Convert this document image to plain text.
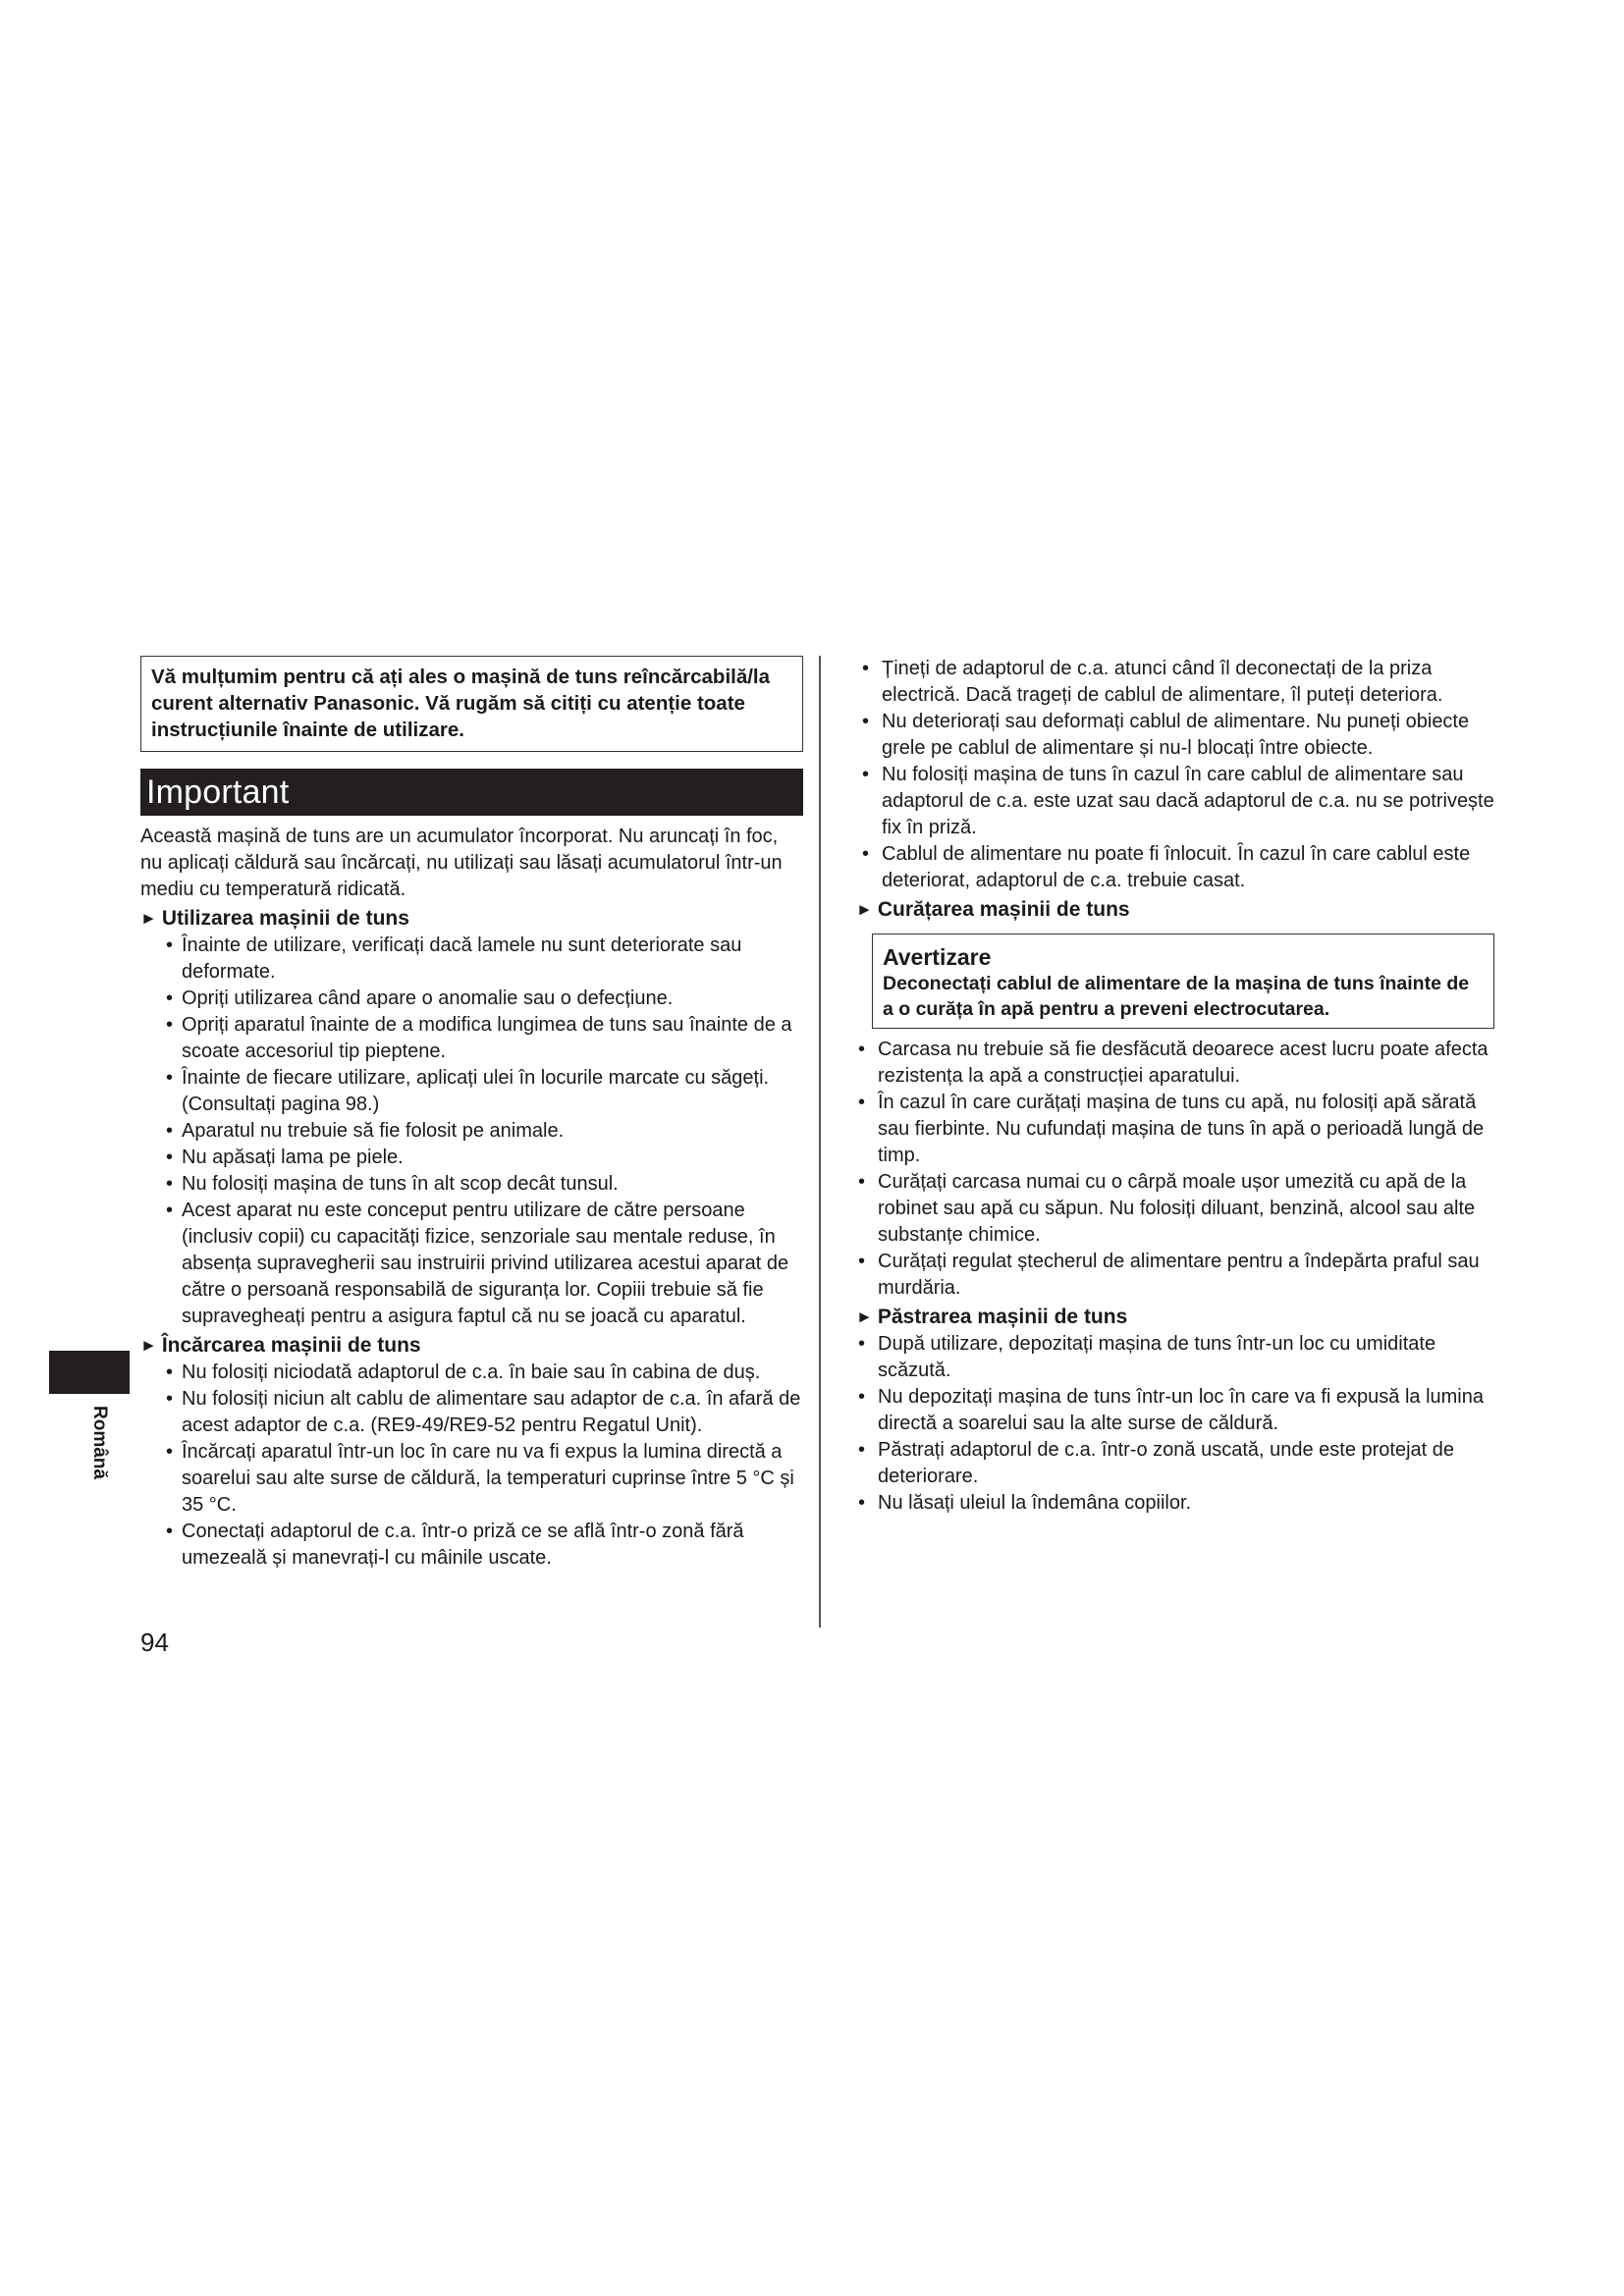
Vă mulțumim pentru că ați ales o mașină de tuns reîncărcabilă/la curent alternativ Panasonic. Vă rugăm să citiți cu atenție toate instrucțiunile înainte de utilizare.
Important
Această mașină de tuns are un acumulator încorporat. Nu aruncați în foc, nu aplicați căldură sau încărcați, nu utilizați sau lăsați acumulatorul într-un mediu cu temperatură ridicată.
► Utilizarea mașinii de tuns
• Înainte de utilizare, verificați dacă lamele nu sunt deteriorate sau deformate.
• Opriți utilizarea când apare o anomalie sau o defecțiune.
• Opriți aparatul înainte de a modifica lungimea de tuns sau înainte de a scoate accesoriul tip pieptene.
• Înainte de fiecare utilizare, aplicați ulei în locurile marcate cu săgeți. (Consultați pagina 98.)
• Aparatul nu trebuie să fie folosit pe animale.
• Nu apăsați lama pe piele.
• Nu folosiți mașina de tuns în alt scop decât tunsul.
• Acest aparat nu este conceput pentru utilizare de către persoane (inclusiv copii) cu capacități fizice, senzoriale sau mentale reduse, în absența supravegherii sau instruirii privind utilizarea acestui aparat de către o persoană responsabilă de siguranța lor. Copiii trebuie să fie supravegheați pentru a asigura faptul că nu se joacă cu aparatul.
► Încărcarea mașinii de tuns
• Nu folosiți niciodată adaptorul de c.a. în baie sau în cabina de duș.
• Nu folosiți niciun alt cablu de alimentare sau adaptor de c.a. în afară de acest adaptor de c.a. (RE9-49/RE9-52 pentru Regatul Unit).
• Încărcați aparatul într-un loc în care nu va fi expus la lumina directă a soarelui sau alte surse de căldură, la temperaturi cuprinse între 5 °C și 35 °C.
• Conectați adaptorul de c.a. într-o priză ce se află într-o zonă fără umezeală și manevrați-l cu mâinile uscate.
• Țineți de adaptorul de c.a. atunci când îl deconectați de la priza electrică. Dacă trageți de cablul de alimentare, îl puteți deteriora.
• Nu deteriorați sau deformați cablul de alimentare. Nu puneți obiecte grele pe cablul de alimentare și nu-l blocați între obiecte.
• Nu folosiți mașina de tuns în cazul în care cablul de alimentare sau adaptorul de c.a. este uzat sau dacă adaptorul de c.a. nu se potrivește fix în priză.
• Cablul de alimentare nu poate fi înlocuit. În cazul în care cablul este deteriorat, adaptorul de c.a. trebuie casat.
► Curățarea mașinii de tuns
Avertizare
Deconectați cablul de alimentare de la mașina de tuns înainte de a o curăța în apă pentru a preveni electrocutarea.
• Carcasa nu trebuie să fie desfăcută deoarece acest lucru poate afecta rezistența la apă a construcției aparatului.
• În cazul în care curățați mașina de tuns cu apă, nu folosiți apă sărată sau fierbinte. Nu cufundați mașina de tuns în apă o perioadă lungă de timp.
• Curățați carcasa numai cu o cârpă moale ușor umezită cu apă de la robinet sau apă cu săpun. Nu folosiți diluant, benzină, alcool sau alte substanțe chimice.
• Curățați regulat ștecherul de alimentare pentru a îndepărta praful sau murdăria.
► Păstrarea mașinii de tuns
• După utilizare, depozitați mașina de tuns într-un loc cu umiditate scăzută.
• Nu depozitați mașina de tuns într-un loc în care va fi expusă la lumina directă a soarelui sau la alte surse de căldură.
• Păstrați adaptorul de c.a. într-o zonă uscată, unde este protejat de deteriorare.
• Nu lăsați uleiul la îndemâna copiilor.
Română
94
